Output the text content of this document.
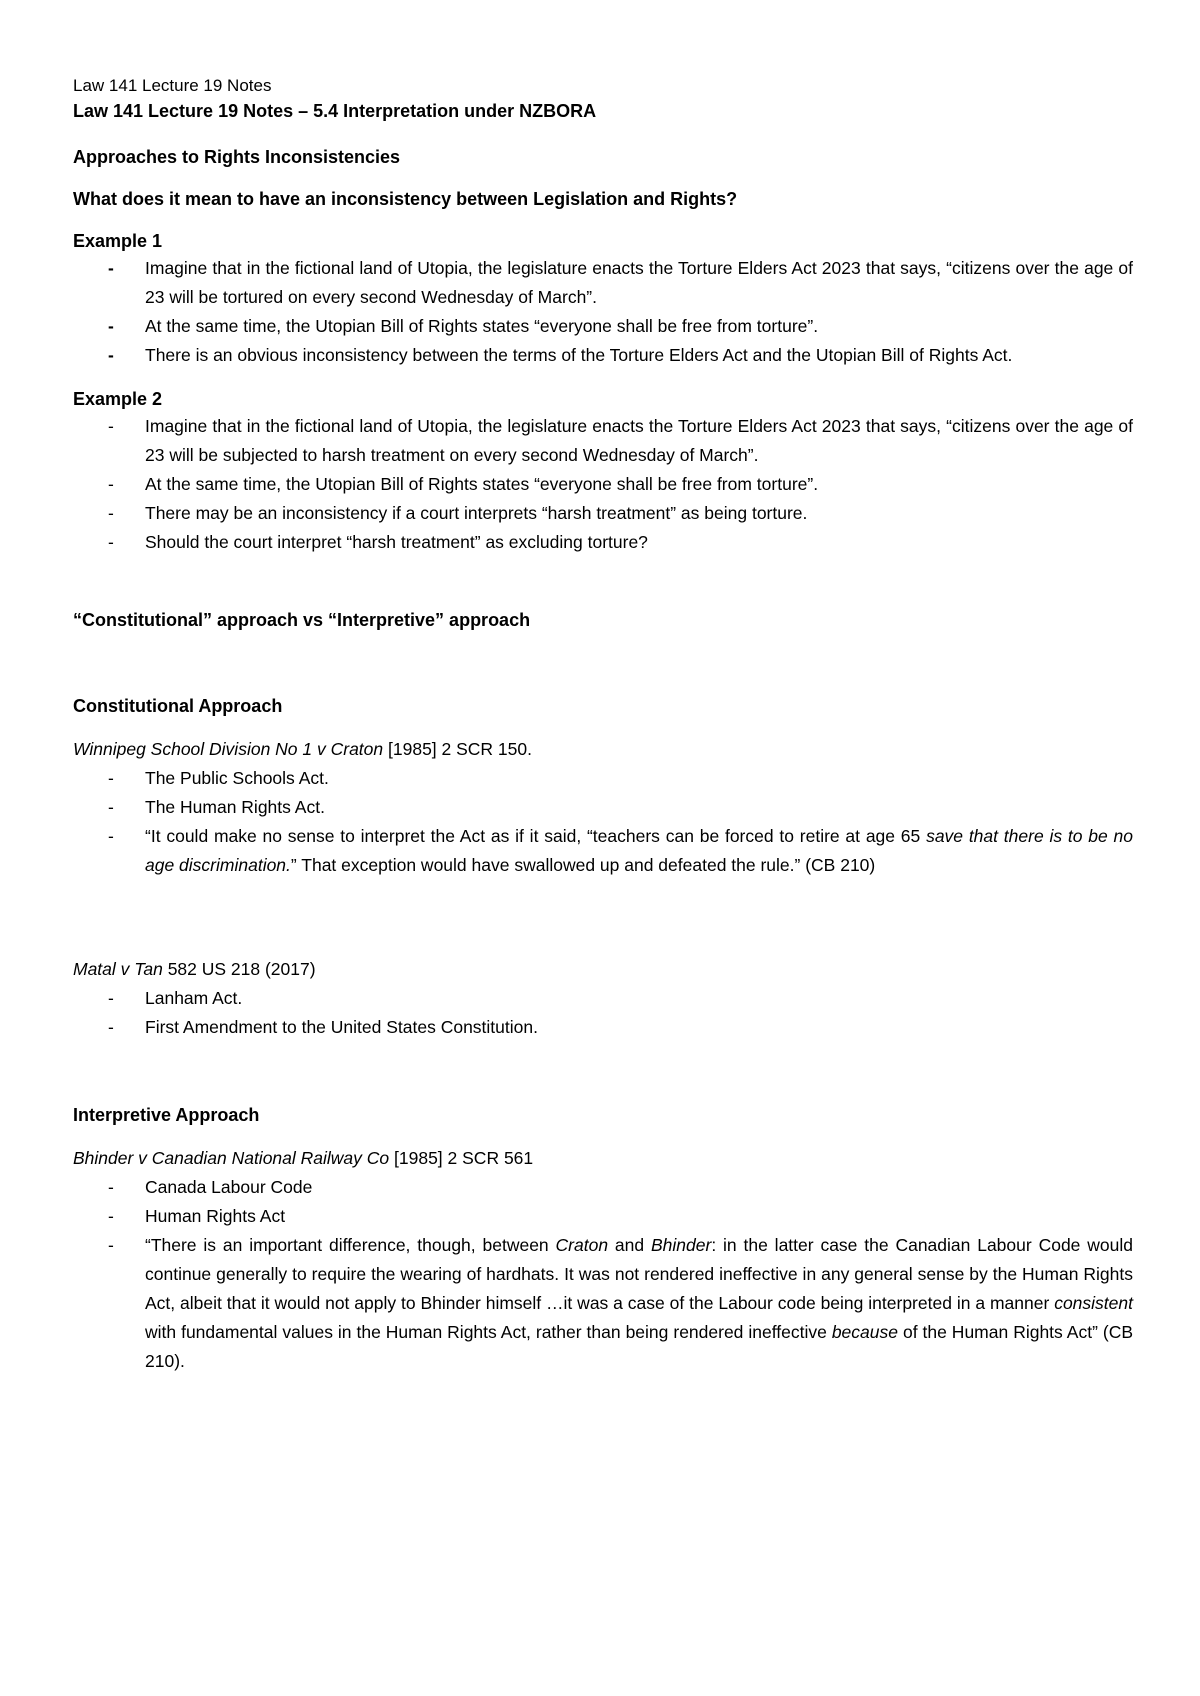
Law 141 Lecture 19 Notes

Law 141 Lecture 19 Notes – 5.4 Interpretation under NZBORA

Approaches to Rights Inconsistencies

What does it mean to have an inconsistency between Legislation and Rights?

Example 1

-	Imagine that in the fictional land of Utopia, the legislature enacts the Torture Elders Act 2023 that says, “citizens over the age of 23 will be tortured on every second Wednesday of March”.
-	At the same time, the Utopian Bill of Rights states “everyone shall be free from torture”.
-	There is an obvious inconsistency between the terms of the Torture Elders Act and the Utopian Bill of Rights Act.

Example 2

-	Imagine that in the fictional land of Utopia, the legislature enacts the Torture Elders Act 2023 that says, “citizens over the age of 23 will be subjected to harsh treatment on every second Wednesday of March”.
-	At the same time, the Utopian Bill of Rights states “everyone shall be free from torture”.
-	There may be an inconsistency if a court interprets “harsh treatment” as being torture.
-	Should the court interpret “harsh treatment” as excluding torture?

“Constitutional” approach vs “Interpretive” approach

Constitutional Approach

Winnipeg School Division No 1 v Craton [1985] 2 SCR 150.

-	The Public Schools Act.
-	The Human Rights Act.
-	“It could make no sense to interpret the Act as if it said, “teachers can be forced to retire at age 65 save that there is to be no age discrimination.” That exception would have swallowed up and defeated the rule.” (CB 210)

Matal v Tan 582 US 218 (2017)

-	Lanham Act.
-	First Amendment to the United States Constitution.

Interpretive Approach

Bhinder v Canadian National Railway Co [1985] 2 SCR 561

-	Canada Labour Code
-	Human Rights Act
-	“There is an important difference, though, between Craton and Bhinder: in the latter case the Canadian Labour Code would continue generally to require the wearing of hardhats. It was not rendered ineffective in any general sense by the Human Rights Act, albeit that it would not apply to Bhinder himself …it was a case of the Labour code being interpreted in a manner consistent with fundamental values in the Human Rights Act, rather than being rendered ineffective because of the Human Rights Act” (CB 210).
